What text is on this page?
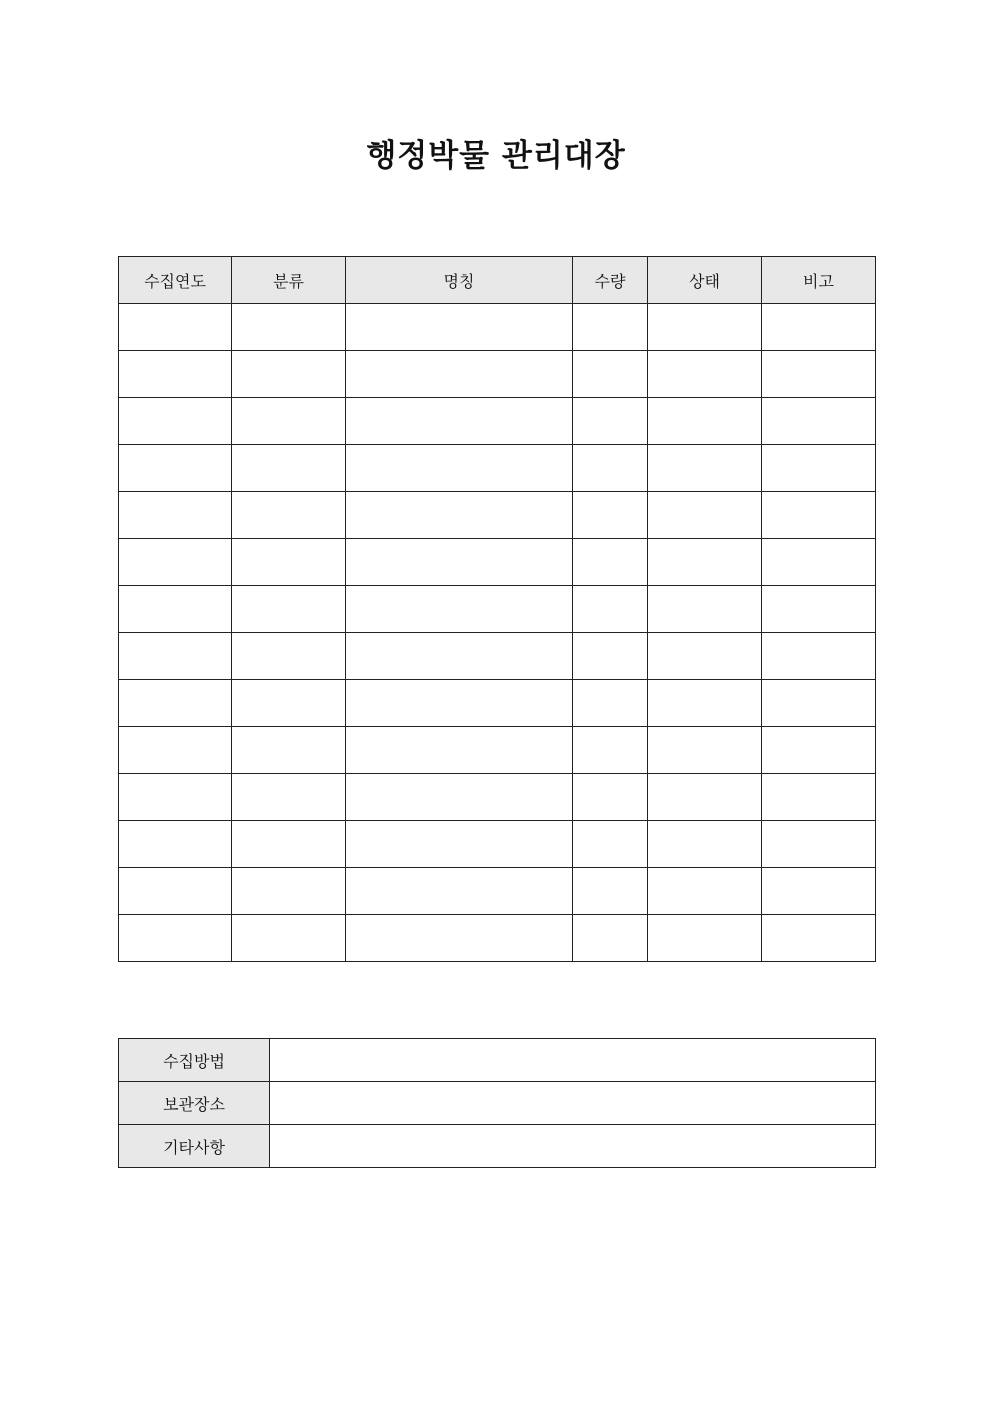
행정박물 관리대장
수집연도	분류	명칭	수량	상태	비고

수집방법	
보관장소	
기타사항	
